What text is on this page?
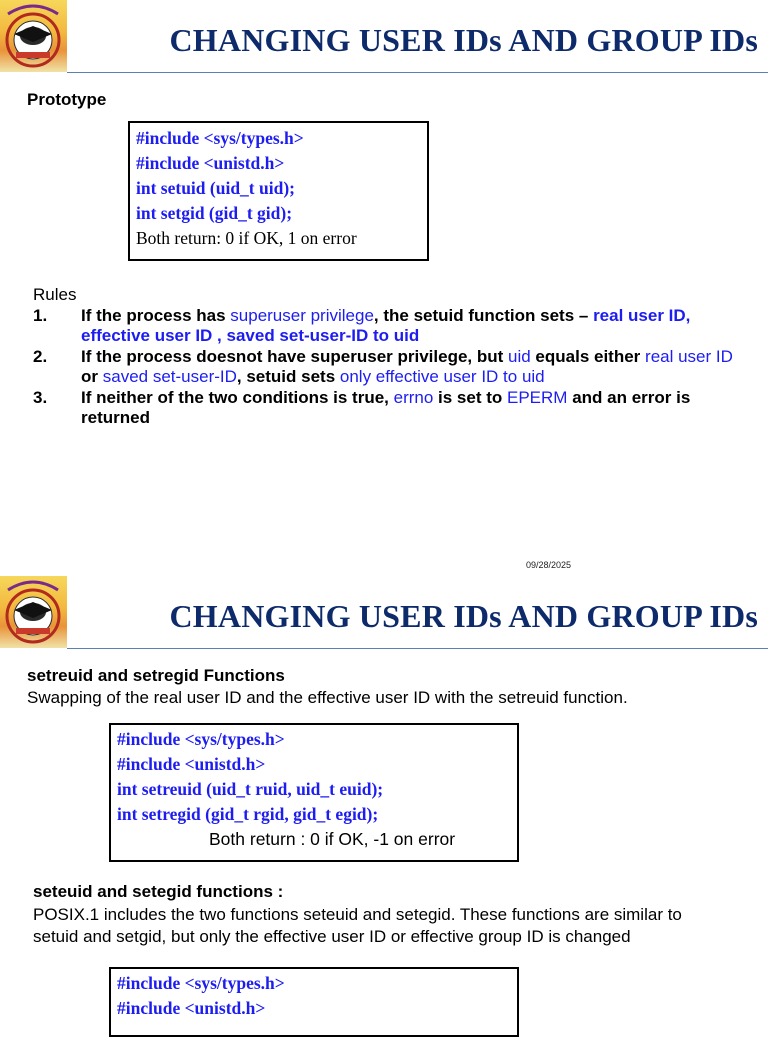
CHANGING USER IDs AND GROUP IDs
Prototype
#include <sys/types.h>
#include <unistd.h>
int setuid (uid_t uid);
int setgid (gid_t gid);
Both return: 0 if OK, 1 on error
Rules
1. If the process has superuser privilege, the setuid function sets – real user ID, effective user ID , saved set-user-ID to uid
2. If the process doesnot have superuser privilege, but uid equals either real user ID or saved set-user-ID, setuid sets only effective user ID to uid
3. If neither of the two conditions is true, errno is set to EPERM and an error is returned
09/28/2025
CHANGING USER IDs AND GROUP IDs
setreuid and setregid Functions
Swapping of the real user ID and the effective user ID with the setreuid function.
#include <sys/types.h>
#include <unistd.h>
int setreuid (uid_t ruid, uid_t euid);
int setregid (gid_t rgid, gid_t egid);
Both return : 0 if OK, -1 on error
seteuid and setegid functions :
POSIX.1 includes the two functions seteuid and setegid. These functions are similar to setuid and setgid, but only the effective user ID or effective group ID is changed
#include <sys/types.h>
#include <unistd.h>
